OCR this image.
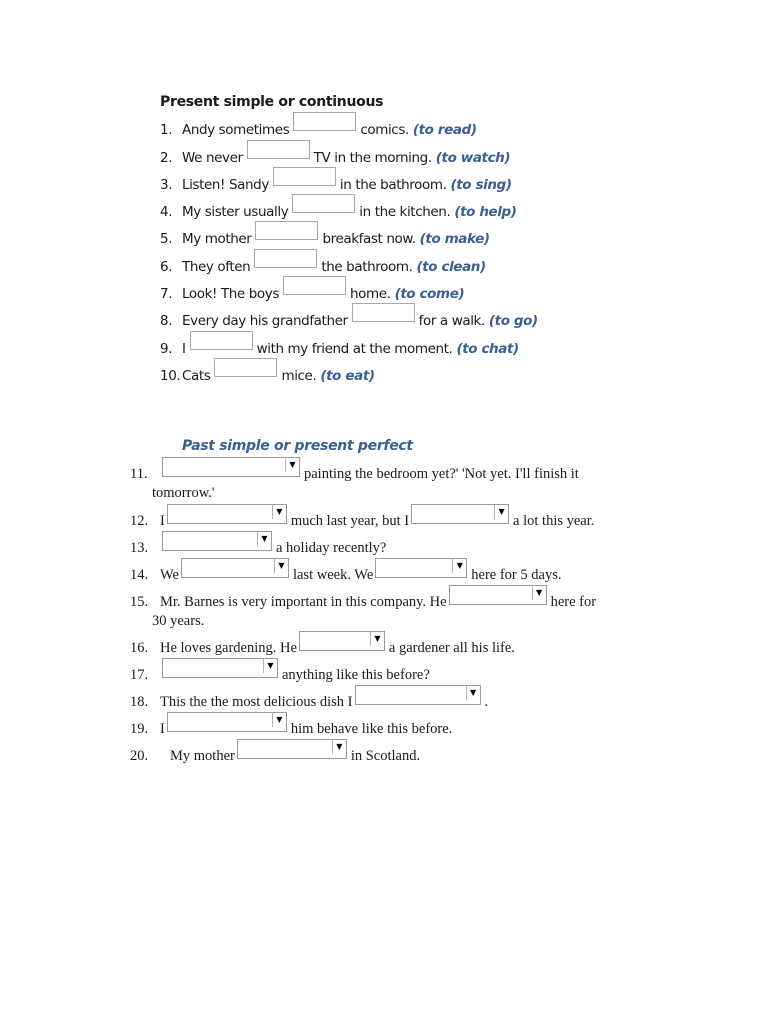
Present simple or continuous
1. Andy sometimes	comics. (to read)
2. We never	TV in the morning. (to watch)
3. Listen! Sandy	in the bathroom. (to sing)
4. My sister usually	in the kitchen. (to help)
5. My mother	breakfast now. (to make)
6. They often	the bathroom. (to clean)
7. Look! The boys	home. (to come)
8. Every day his grandfather	for a walk. (to go)
9. I	with my friend at the moment. (to chat)
10. Cats	mice. (to eat)
Past simple or present perfect
11.
▼
painting the bedroom yet?' 'Not yet. I'll finish it
tomorrow.'
12. I
▼
much last year, but I
▼
a lot this year.
13.
▼
a holiday recently?
14. We
▼
last week. We
▼
here for 5 days.
15. Mr. Barnes is very important in this company. He
▼
here for
30 years.
16. He loves gardening. He
▼
a gardener all his life.
17.
▼
anything like this before?
18. This the the most delicious dish I
▼
.
19. I
▼
him behave like this before.
20. My mother
▼
in Scotland.
